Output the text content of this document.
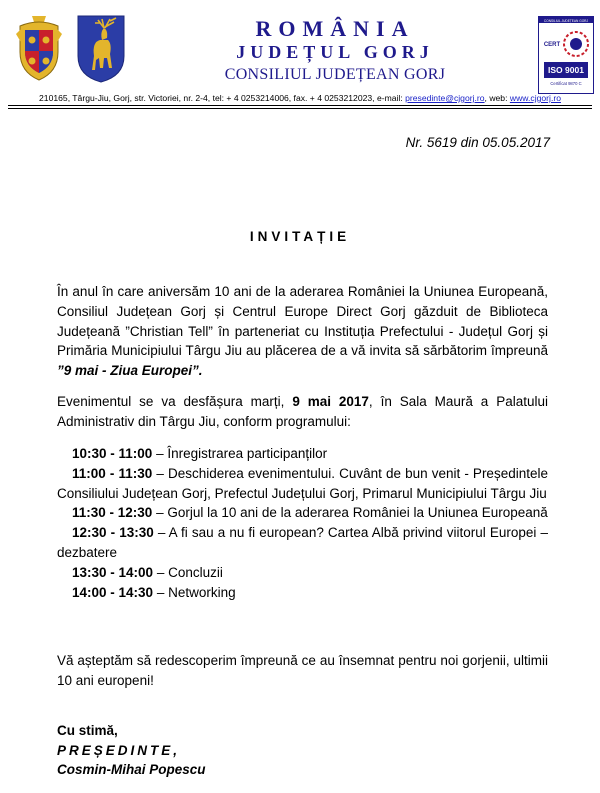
ROMÂNIA
JUDEȚUL GORJ
CONSILIUL JUDEȚEAN GORJ
CONSILIUL JUDEȚEAN GORJ
CERT
ISO 9001
Certificat 9870 C
210165, Târgu-Jiu, Gorj, str. Victoriei, nr. 2-4, tel: + 4 0253214006, fax. + 4 0253212023, e-mail: presedinte@cjgorj.ro, web: www.cjgorj.ro
Nr. 5619 din 05.05.2017
INVITAȚIE
În anul în care aniversăm 10 ani de la aderarea României la Uniunea Europeană, Consiliul Județean Gorj și Centrul Europe Direct Gorj găzduit de Biblioteca Județeană ”Christian Tell” în parteneriat cu Instituția Prefectului - Județul Gorj și Primăria Municipiului Târgu Jiu au plăcerea de a vă invita să sărbătorim împreună ”9 mai - Ziua Europei”.
Evenimentul se va desfășura marți, 9 mai 2017, în Sala Maură a Palatului Administrativ din Târgu Jiu, conform programului:
10:30 - 11:00 – Înregistrarea participanților
11:00 - 11:30 – Deschiderea evenimentului. Cuvânt de bun venit - Președintele Consiliului Județean Gorj, Prefectul Județului Gorj, Primarul Municipiului Târgu Jiu
11:30 - 12:30 – Gorjul la 10 ani de la aderarea României la Uniunea Europeană
12:30 - 13:30 – A fi sau a nu fi european? Cartea Albă privind viitorul Europei – dezbatere
13:30 - 14:00 – Concluzii
14:00 - 14:30 – Networking
Vă așteptăm să redescoperim împreună ce au însemnat pentru noi gorjenii, ultimii 10 ani europeni!
Cu stimă,
PREȘEDINTE,
Cosmin-Mihai Popescu
